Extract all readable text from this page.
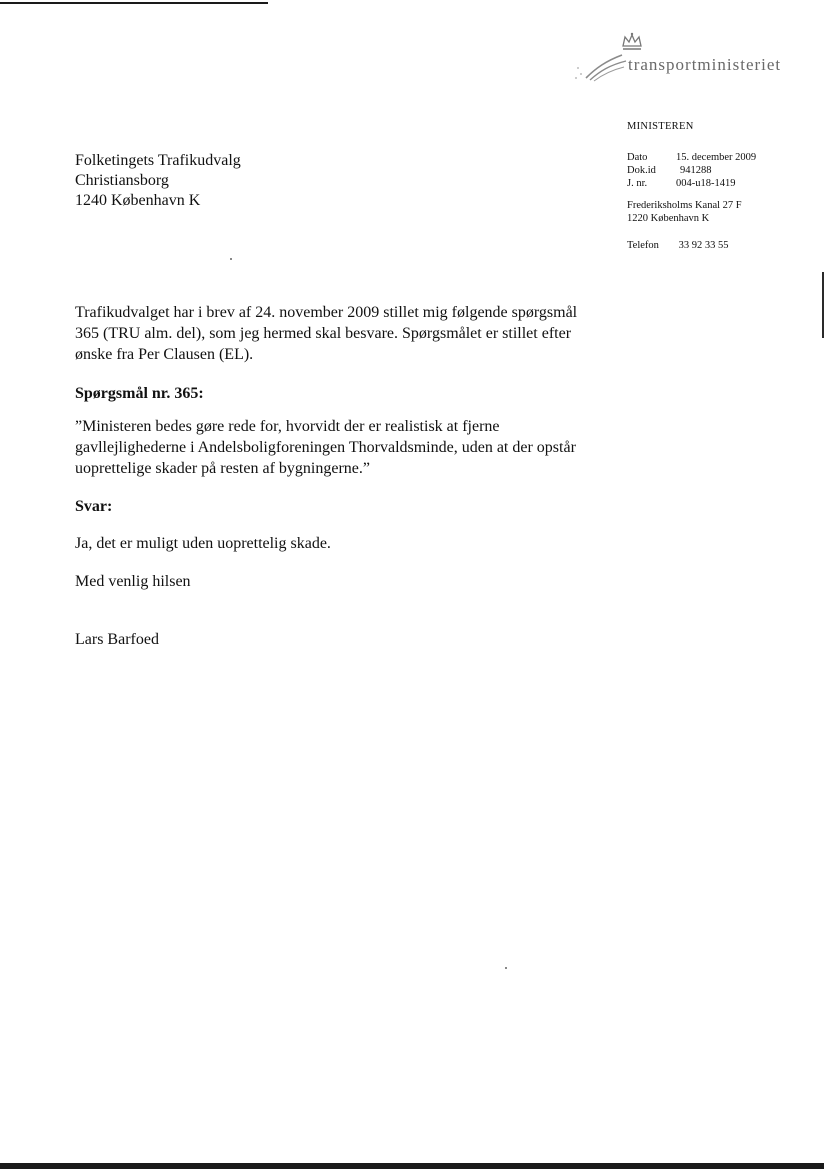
transportministeriet
MINISTEREN
Dato	15. december 2009
Dok.id	941288
J. nr.	004-u18-1419
Frederiksholms Kanal 27 F
1220 København K
Telefon 33 92 33 55
Folketingets Trafikudvalg
Christiansborg
1240 København K
Trafikudvalget har i brev af 24. november 2009 stillet mig følgende spørgsmål
365 (TRU alm. del), som jeg hermed skal besvare. Spørgsmålet er stillet efter
ønske fra Per Clausen (EL).
Spørgsmål nr. 365:
”Ministeren bedes gøre rede for, hvorvidt der er realistisk at fjerne
gavllejlighederne i Andelsboligforeningen Thorvaldsminde, uden at der opstår
uoprettelige skader på resten af bygningerne.”
Svar:
Ja, det er muligt uden uoprettelig skade.
Med venlig hilsen
Lars Barfoed
